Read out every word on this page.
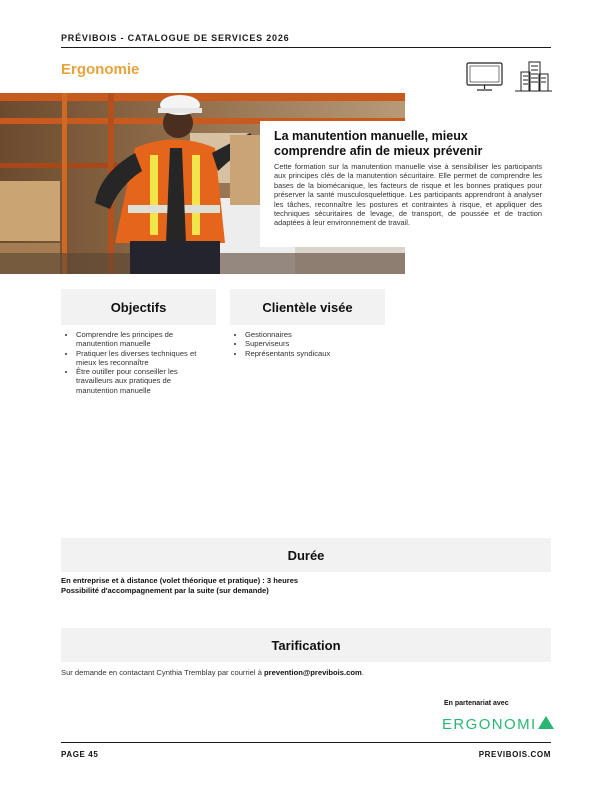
PRÉVIBOIS - CATALOGUE DE SERVICES 2026
Ergonomie
La manutention manuelle, mieux comprendre afin de mieux prévenir
Cette formation sur la manutention manuelle vise à sensibiliser les participants aux principes clés de la manutention sécuritaire. Elle permet de comprendre les bases de la biomécanique, les facteurs de risque et les bonnes pratiques pour préserver la santé musculosquelettique. Les participants apprendront à analyser les tâches, reconnaître les postures et contraintes à risque, et appliquer des techniques sécuritaires de levage, de transport, de poussée et de traction adaptées à leur environnement de travail.
Objectifs
• Comprendre les principes de manutention manuelle
• Pratiquer les diverses techniques et mieux les reconnaître
• Être outiller pour conseiller les travailleurs aux pratiques de manutention manuelle
Clientèle visée
• Gestionnaires
• Superviseurs
• Représentants syndicaux
Durée
En entreprise et à distance (volet théorique et pratique) : 3 heures
Possibilité d'accompagnement par la suite (sur demande)
Tarification
Sur demande en contactant Cynthia Tremblay par courriel à prevention@previbois.com.
En partenariat avec
ERGONOMI
PAGE 45	PREVIBOIS.COM
